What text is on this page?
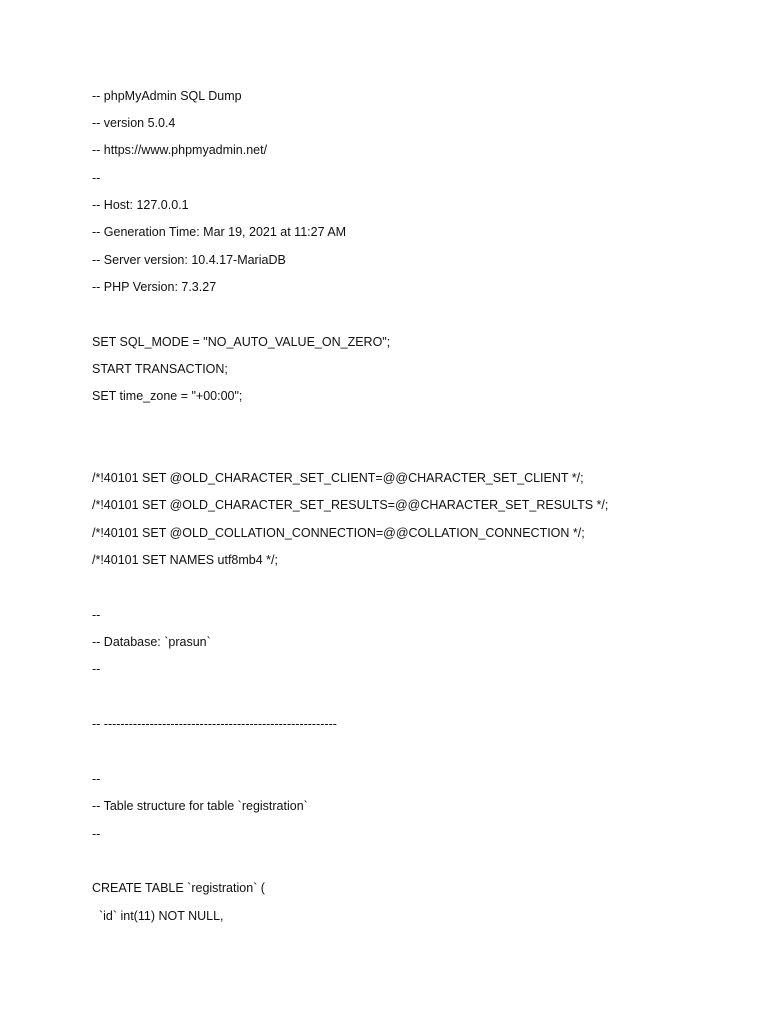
-- phpMyAdmin SQL Dump

-- version 5.0.4

-- https://www.phpmyadmin.net/

--

-- Host: 127.0.0.1

-- Generation Time: Mar 19, 2021 at 11:27 AM

-- Server version: 10.4.17-MariaDB

-- PHP Version: 7.3.27

SET SQL_MODE = "NO_AUTO_VALUE_ON_ZERO";

START TRANSACTION;

SET time_zone = "+00:00";

/*!40101 SET @OLD_CHARACTER_SET_CLIENT=@@CHARACTER_SET_CLIENT */;

/*!40101 SET @OLD_CHARACTER_SET_RESULTS=@@CHARACTER_SET_RESULTS */;

/*!40101 SET @OLD_COLLATION_CONNECTION=@@COLLATION_CONNECTION */;

/*!40101 SET NAMES utf8mb4 */;

--

-- Database: `prasun`

--

-- --------------------------------------------------------

--

-- Table structure for table `registration`

--

CREATE TABLE `registration` (

`id` int(11) NOT NULL,
